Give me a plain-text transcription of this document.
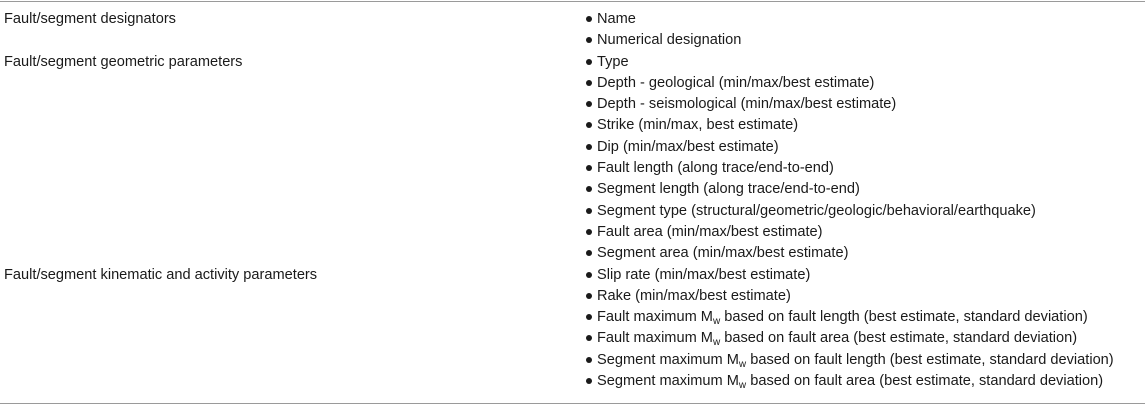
Fault/segment designators	Name
Numerical designation
Fault/segment geometric parameters	Type
Depth - geological (min/max/best estimate)
Depth - seismological (min/max/best estimate)
Strike (min/max, best estimate)
Dip (min/max/best estimate)
Fault length (along trace/end-to-end)
Segment length (along trace/end-to-end)
Segment type (structural/geometric/geologic/behavioral/earthquake)
Fault area (min/max/best estimate)
Segment area (min/max/best estimate)
Fault/segment kinematic and activity parameters	Slip rate (min/max/best estimate)
Rake (min/max/best estimate)
Fault maximum $M_w$ based on fault length (best estimate, standard deviation)
Fault maximum $M_w$ based on fault area (best estimate, standard deviation)
Segment maximum $M_w$ based on fault length (best estimate, standard deviation)
Segment maximum $M_w$ based on fault area (best estimate, standard deviation)
